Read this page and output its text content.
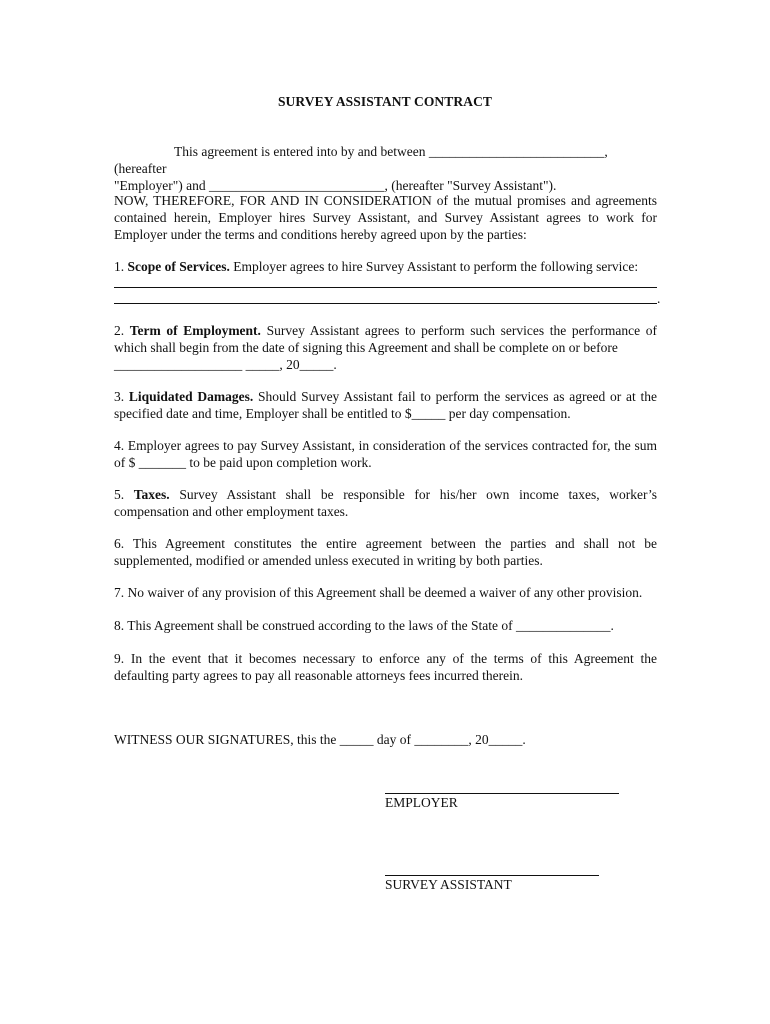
SURVEY ASSISTANT CONTRACT

This agreement is entered into by and between __________________________, (hereafter

"Employer") and __________________________, (hereafter "Survey Assistant").

NOW, THEREFORE, FOR AND IN CONSIDERATION of the mutual promises and agreements contained herein, Employer hires Survey Assistant, and Survey Assistant agrees to work for Employer under the terms and conditions hereby agreed upon by the parties:
1. Scope of Services. Employer agrees to hire Survey Assistant to perform the following service:
.

2. Term of Employment. Survey Assistant agrees to perform such services the performance of which shall begin from the date of signing this Agreement and shall be complete on or before

___________________ _____, 20_____.

3. Liquidated Damages. Should Survey Assistant fail to perform the services as agreed or at the specified date and time, Employer shall be entitled to $_____ per day compensation.
4. Employer agrees to pay Survey Assistant, in consideration of the services contracted for, the sum of $ _______ to be paid upon completion work.
5. Taxes. Survey Assistant shall be responsible for his/her own income taxes, worker’s compensation and other employment taxes.
6. This Agreement constitutes the entire agreement between the parties and shall not be supplemented, modified or amended unless executed in writing by both parties.
7. No waiver of any provision of this Agreement shall be deemed a waiver of any other provision.
8. This Agreement shall be construed according to the laws of the State of ______________.
9. In the event that it becomes necessary to enforce any of the terms of this Agreement the defaulting party agrees to pay all reasonable attorneys fees incurred therein.
WITNESS OUR SIGNATURES, this the _____ day of ________, 20_____.
EMPLOYER
SURVEY ASSISTANT
